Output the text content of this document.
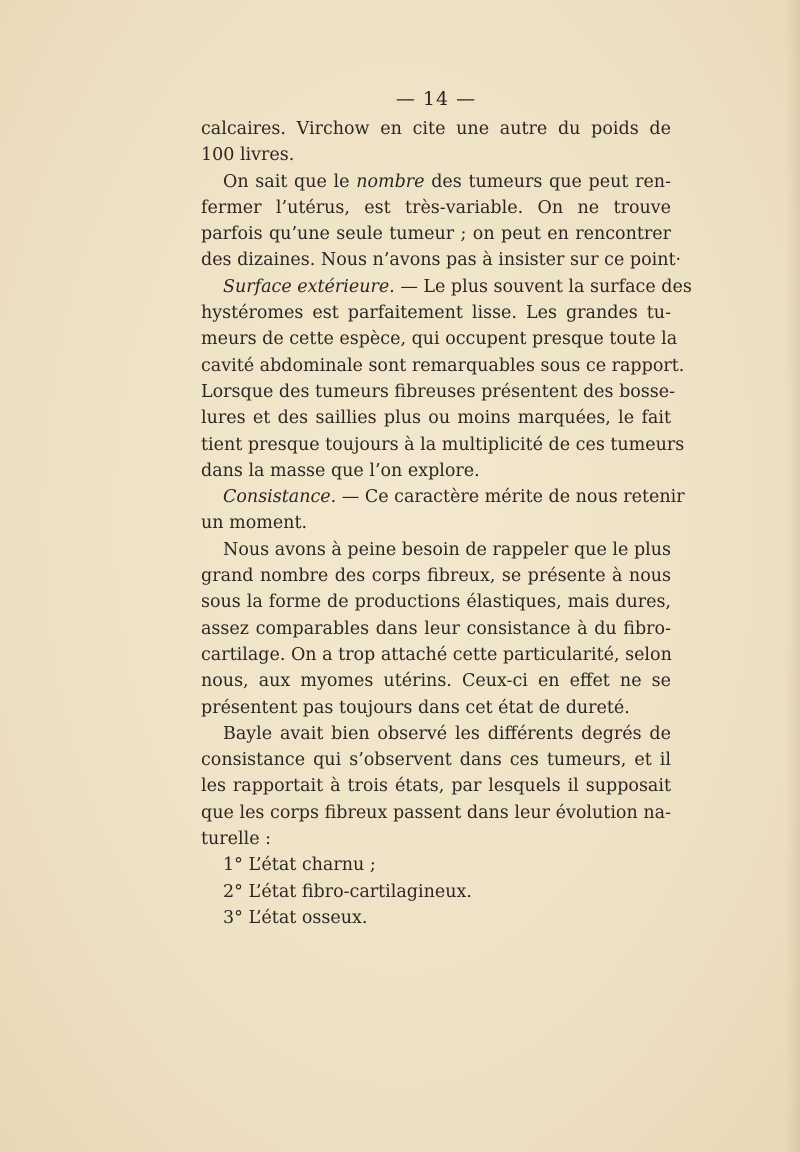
— 14 —
calcaires. Virchow en cite une autre du poids de
100 livres.
On sait que le nombre des tumeurs que peut ren-
fermer l’utérus, est très-variable. On ne trouve
parfois qu’une seule tumeur ; on peut en rencontrer
des dizaines. Nous n’avons pas à insister sur ce point·
Surface extérieure. — Le plus souvent la surface des
hystéromes est parfaitement lisse. Les grandes tu-
meurs de cette espèce, qui occupent presque toute la
cavité abdominale sont remarquables sous ce rapport.
Lorsque des tumeurs fibreuses présentent des bosse-
lures et des saillies plus ou moins marquées, le fait
tient presque toujours à la multiplicité de ces tumeurs
dans la masse que l’on explore.
Consistance. — Ce caractère mérite de nous retenir
un moment.
Nous avons à peine besoin de rappeler que le plus
grand nombre des corps fibreux, se présente à nous
sous la forme de productions élastiques, mais dures,
assez comparables dans leur consistance à du fibro-
cartilage. On a trop attaché cette particularité, selon
nous, aux myomes utérins. Ceux-ci en effet ne se
présentent pas toujours dans cet état de dureté.
Bayle avait bien observé les différents degrés de
consistance qui s’observent dans ces tumeurs, et il
les rapportait à trois états, par lesquels il supposait
que les corps fibreux passent dans leur évolution na-
turelle :
1° L’état charnu ;
2° L’état fibro-cartilagineux.
3° L’état osseux.
